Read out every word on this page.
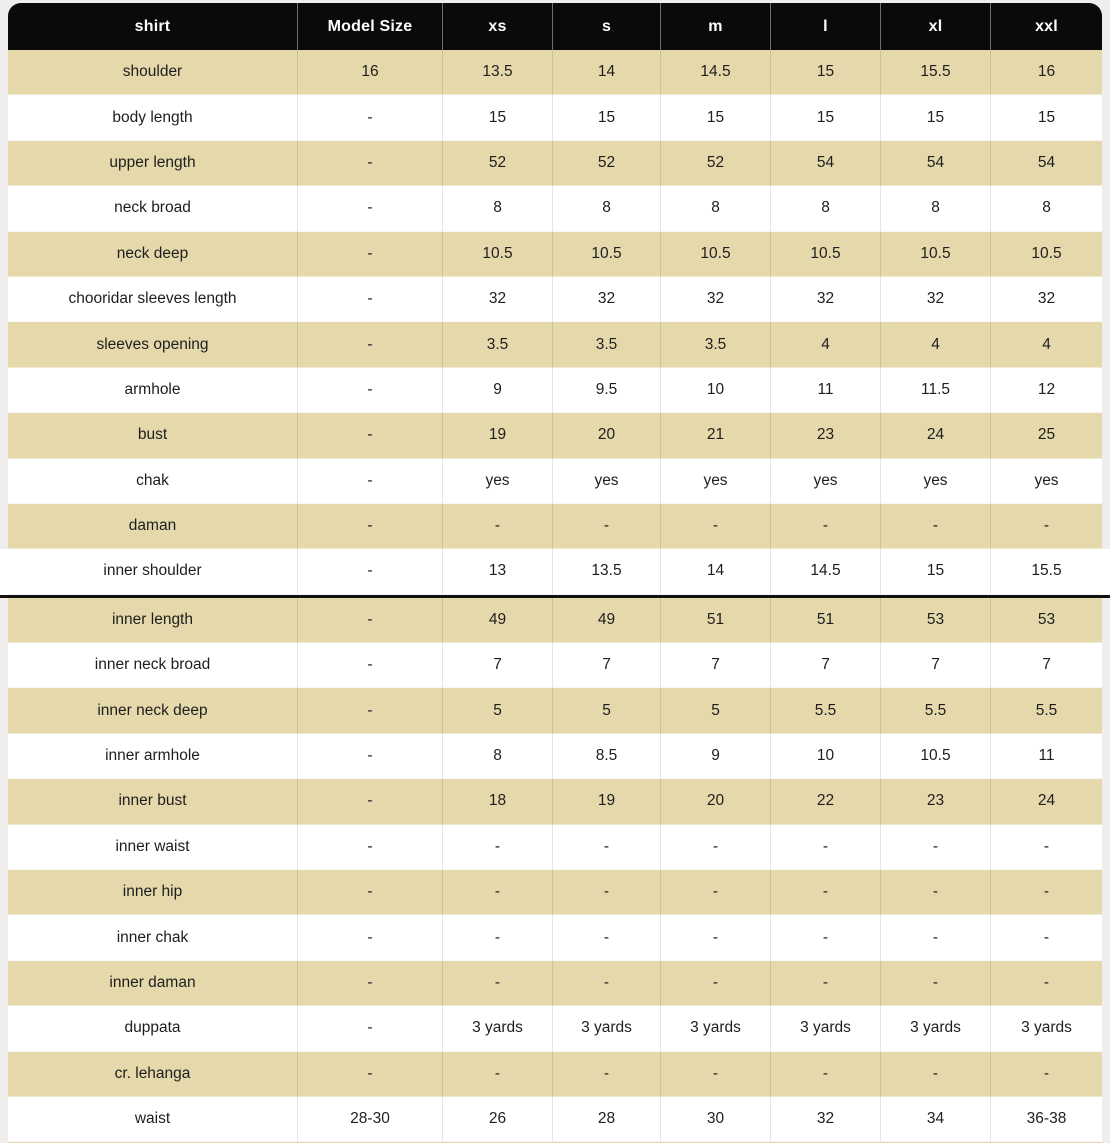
shirt	Model Size	xs	s	m	l	xl	xxl
shoulder	16	13.5	14	14.5	15	15.5	16
body length	-	15	15	15	15	15	15
upper length	-	52	52	52	54	54	54
neck broad	-	8	8	8	8	8	8
neck deep	-	10.5	10.5	10.5	10.5	10.5	10.5
chooridar sleeves length	-	32	32	32	32	32	32
sleeves opening	-	3.5	3.5	3.5	4	4	4
armhole	-	9	9.5	10	11	11.5	12
bust	-	19	20	21	23	24	25
chak	-	yes	yes	yes	yes	yes	yes
daman	-	-	-	-	-	-	-
inner shoulder	-	13	13.5	14	14.5	15	15.5
inner length	-	49	49	51	51	53	53
inner neck broad	-	7	7	7	7	7	7
inner neck deep	-	5	5	5	5.5	5.5	5.5
inner armhole	-	8	8.5	9	10	10.5	11
inner bust	-	18	19	20	22	23	24
inner waist	-	-	-	-	-	-	-
inner hip	-	-	-	-	-	-	-
inner chak	-	-	-	-	-	-	-
inner daman	-	-	-	-	-	-	-
duppata	-	3 yards	3 yards	3 yards	3 yards	3 yards	3 yards
cr. lehanga	-	-	-	-	-	-	-
waist	28-30	26	28	30	32	34	36-38
